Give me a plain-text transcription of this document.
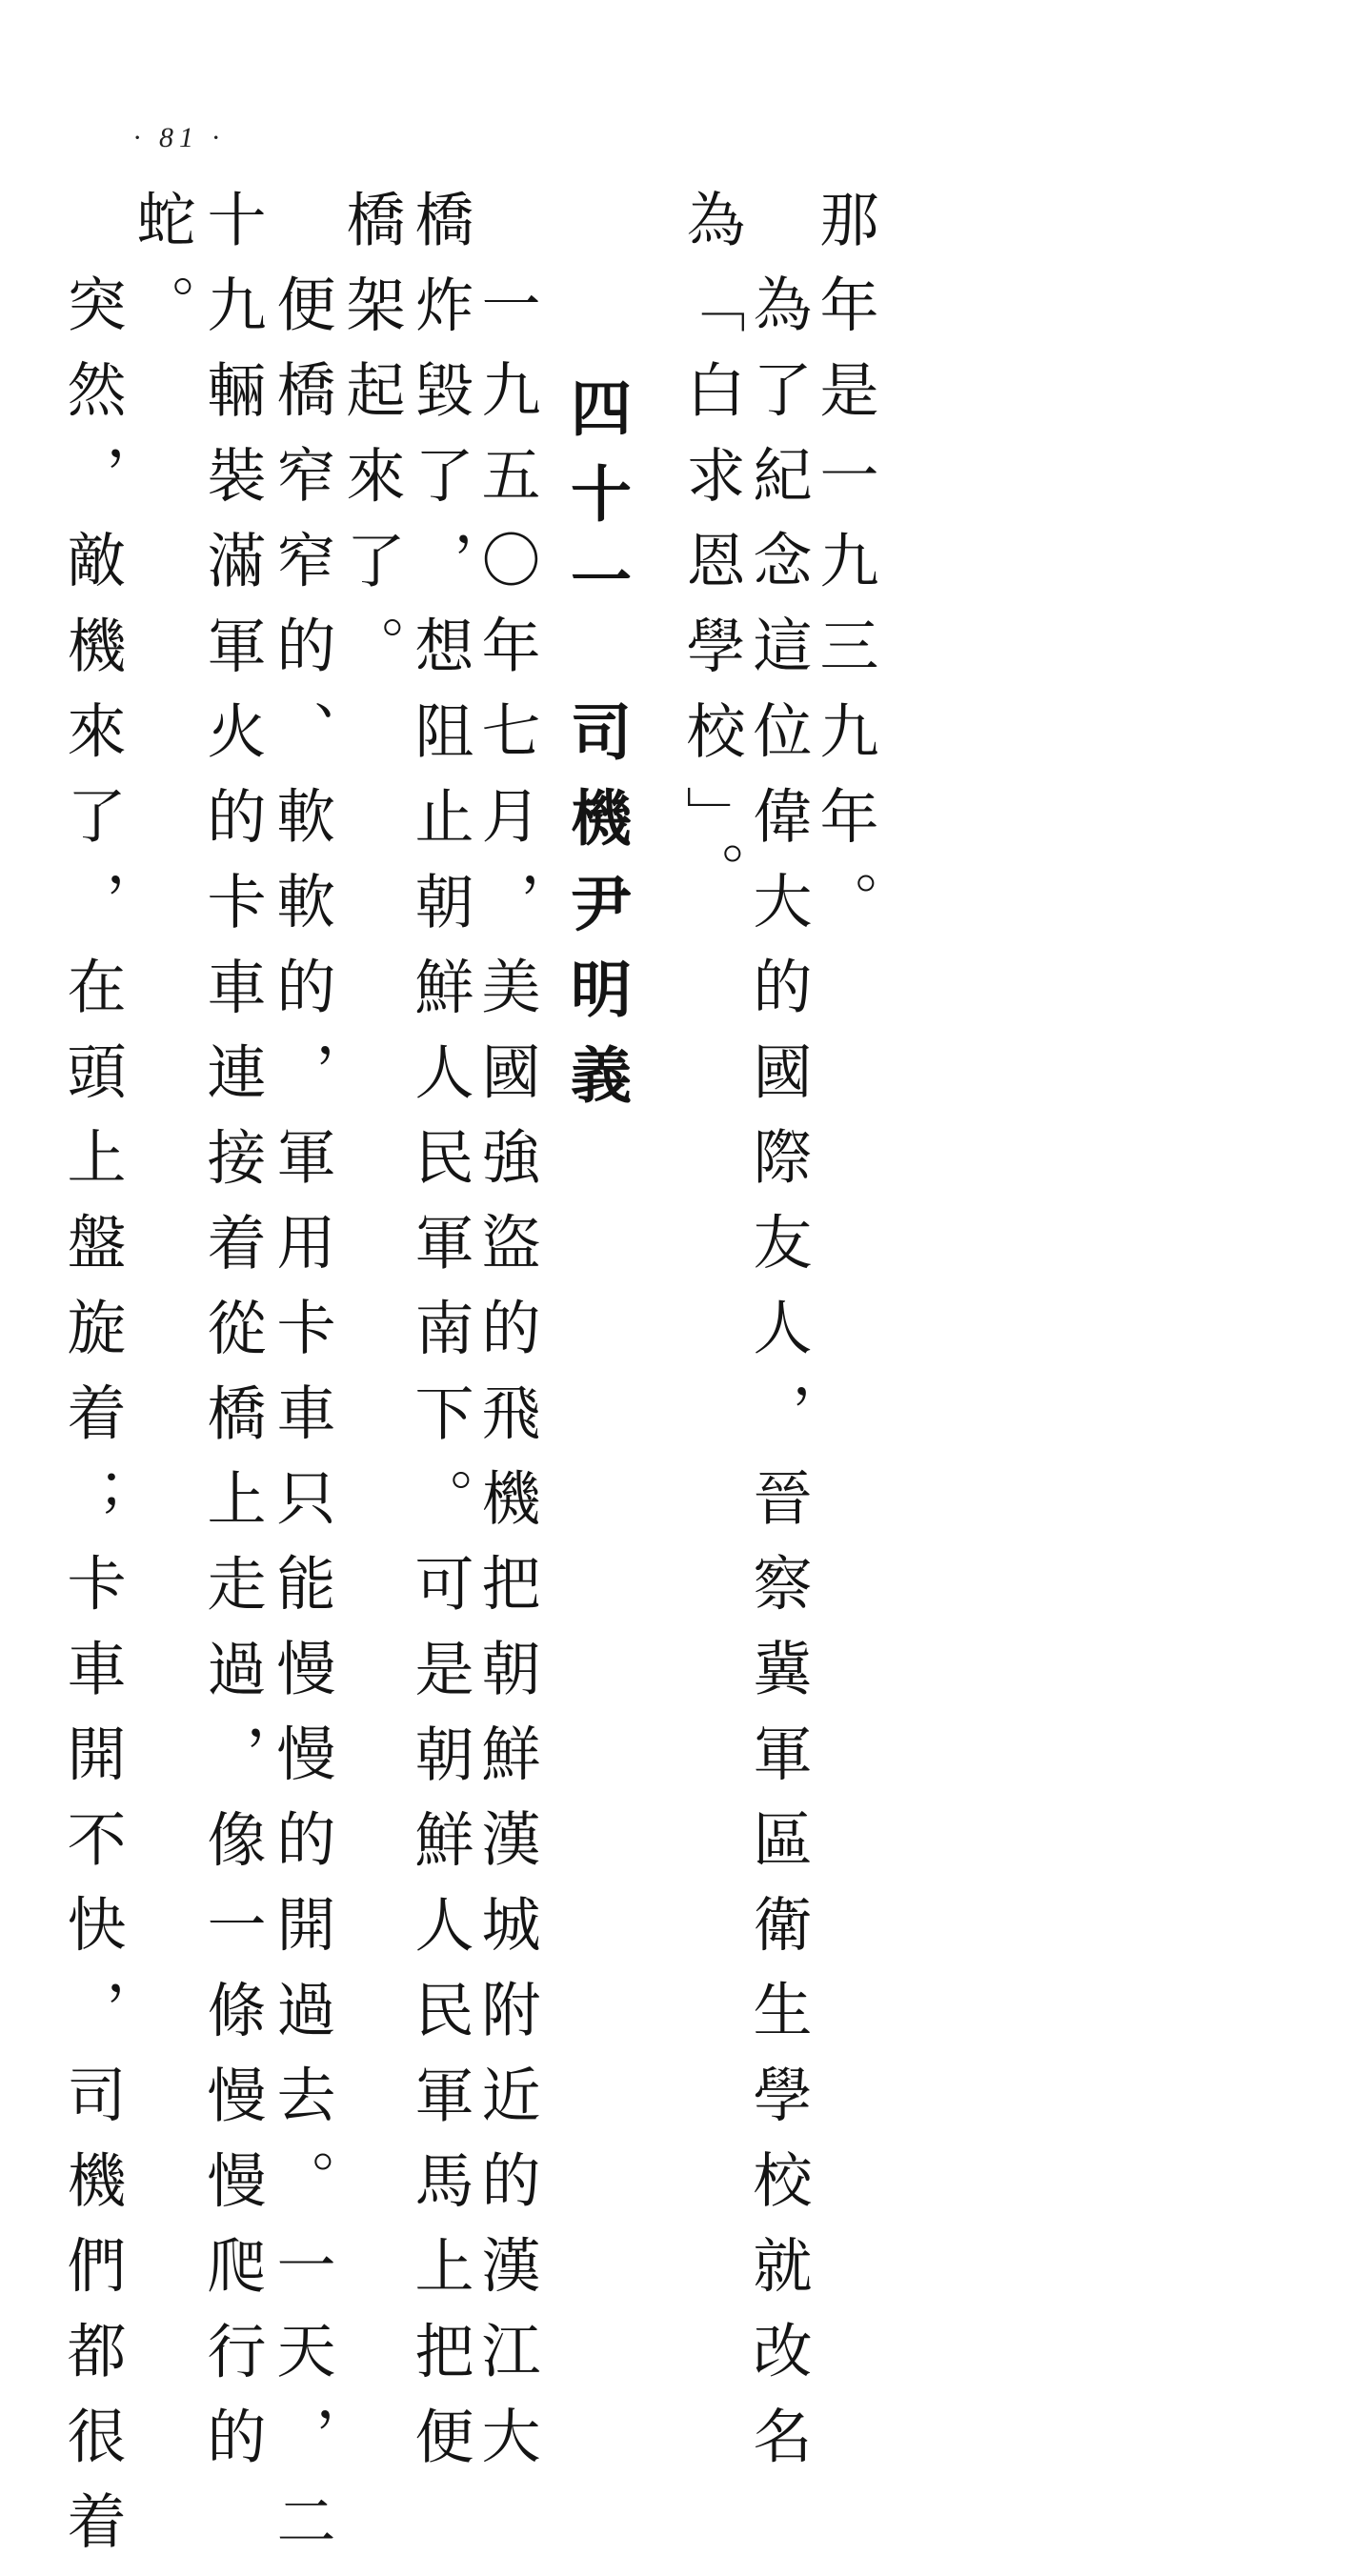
· 81 ·
那年是一九三九年。
為了紀念這位偉大的國際友人，晉察冀軍區衛生學校就改名
為「白求恩學校」。
四十一司機尹明義
一九五〇年七月，美國強盜的飛機把朝鮮漢城附近的漢江大
橋炸毀了，想阻止朝鮮人民軍南下。可是朝鮮人民軍馬上把便
橋架起來了。
便橋窄窄的、軟軟的，軍用卡車只能慢慢的開過去。一天，二
十九輛裝滿軍火的卡車連接着從橋上走過，像一條慢慢爬行的
蛇。
突然，敵機來了，在頭上盤旋着；卡車開不快，司機們都很着
